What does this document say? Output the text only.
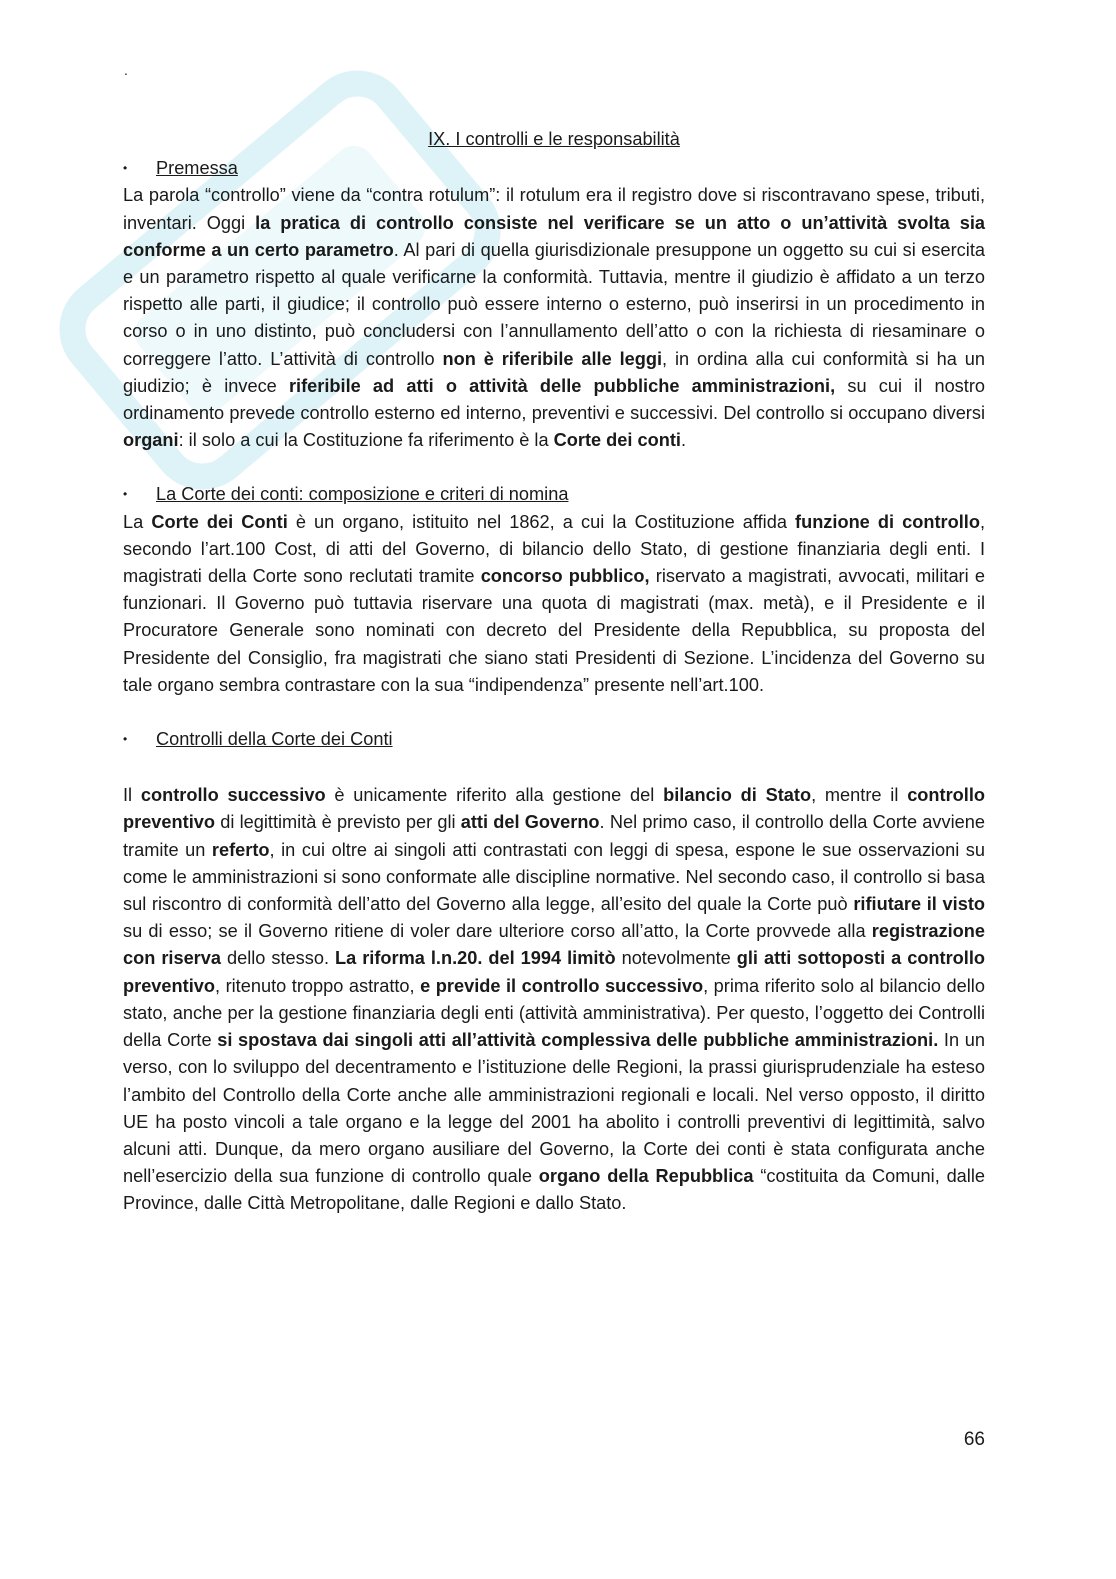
.
IX. I controlli e le responsabilità
• Premessa

La parola “controllo” viene da “contra rotulum”: il rotulum era il registro dove si riscontravano spese, tributi, inventari. Oggi la pratica di controllo consiste nel verificare se un atto o un’attività svolta sia conforme a un certo parametro. Al pari di quella giurisdizionale presuppone un oggetto su cui si esercita e un parametro rispetto al quale verificarne la conformità. Tuttavia, mentre il giudizio è affidato a un terzo rispetto alle parti, il giudice; il controllo può essere interno o esterno, può inserirsi in un procedimento in corso o in uno distinto, può concludersi con l’annullamento dell’atto o con la richiesta di riesaminare o correggere l’atto. L’attività di controllo non è riferibile alle leggi, in ordina alla cui conformità si ha un giudizio; è invece riferibile ad atti o attività delle pubbliche amministrazioni, su cui il nostro ordinamento prevede controllo esterno ed interno, preventivi e successivi. Del controllo si occupano diversi organi: il solo a cui la Costituzione fa riferimento è la Corte dei conti.

• La Corte dei conti: composizione e criteri di nomina

La Corte dei Conti è un organo, istituito nel 1862, a cui la Costituzione affida funzione di controllo, secondo l’art.100 Cost, di atti del Governo, di bilancio dello Stato, di gestione finanziaria degli enti. I magistrati della Corte sono reclutati tramite concorso pubblico, riservato a magistrati, avvocati, militari e funzionari. Il Governo può tuttavia riservare una quota di magistrati (max. metà), e il Presidente e il Procuratore Generale sono nominati con decreto del Presidente della Repubblica, su proposta del Presidente del Consiglio, fra magistrati che siano stati Presidenti di Sezione. L’incidenza del Governo su tale organo sembra contrastare con la sua “indipendenza” presente nell’art.100.

• Controlli della Corte dei Conti

Il controllo successivo è unicamente riferito alla gestione del bilancio di Stato, mentre il controllo preventivo di legittimità è previsto per gli atti del Governo. Nel primo caso, il controllo della Corte avviene tramite un referto, in cui oltre ai singoli atti contrastati con leggi di spesa, espone le sue osservazioni su come le amministrazioni si sono conformate alle discipline normative. Nel secondo caso, il controllo si basa sul riscontro di conformità dell’atto del Governo alla legge, all’esito del quale la Corte può rifiutare il visto su di esso; se il Governo ritiene di voler dare ulteriore corso all’atto, la Corte provvede alla registrazione con riserva dello stesso. La riforma l.n.20. del 1994 limitò notevolmente gli atti sottoposti a controllo preventivo, ritenuto troppo astratto, e previde il controllo successivo, prima riferito solo al bilancio dello stato, anche per la gestione finanziaria degli enti (attività amministrativa). Per questo, l’oggetto dei Controlli della Corte si spostava dai singoli atti all’attività complessiva delle pubbliche amministrazioni. In un verso, con lo sviluppo del decentramento e l’istituzione delle Regioni, la prassi giurisprudenziale ha esteso l’ambito del Controllo della Corte anche alle amministrazioni regionali e locali. Nel verso opposto, il diritto UE ha posto vincoli a tale organo e la legge del 2001 ha abolito i controlli preventivi di legittimità, salvo alcuni atti. Dunque, da mero organo ausiliare del Governo, la Corte dei conti è stata configurata anche nell’esercizio della sua funzione di controllo quale organo della Repubblica “costituita da Comuni, dalle Province, dalle Città Metropolitane, dalle Regioni e dallo Stato.

66
